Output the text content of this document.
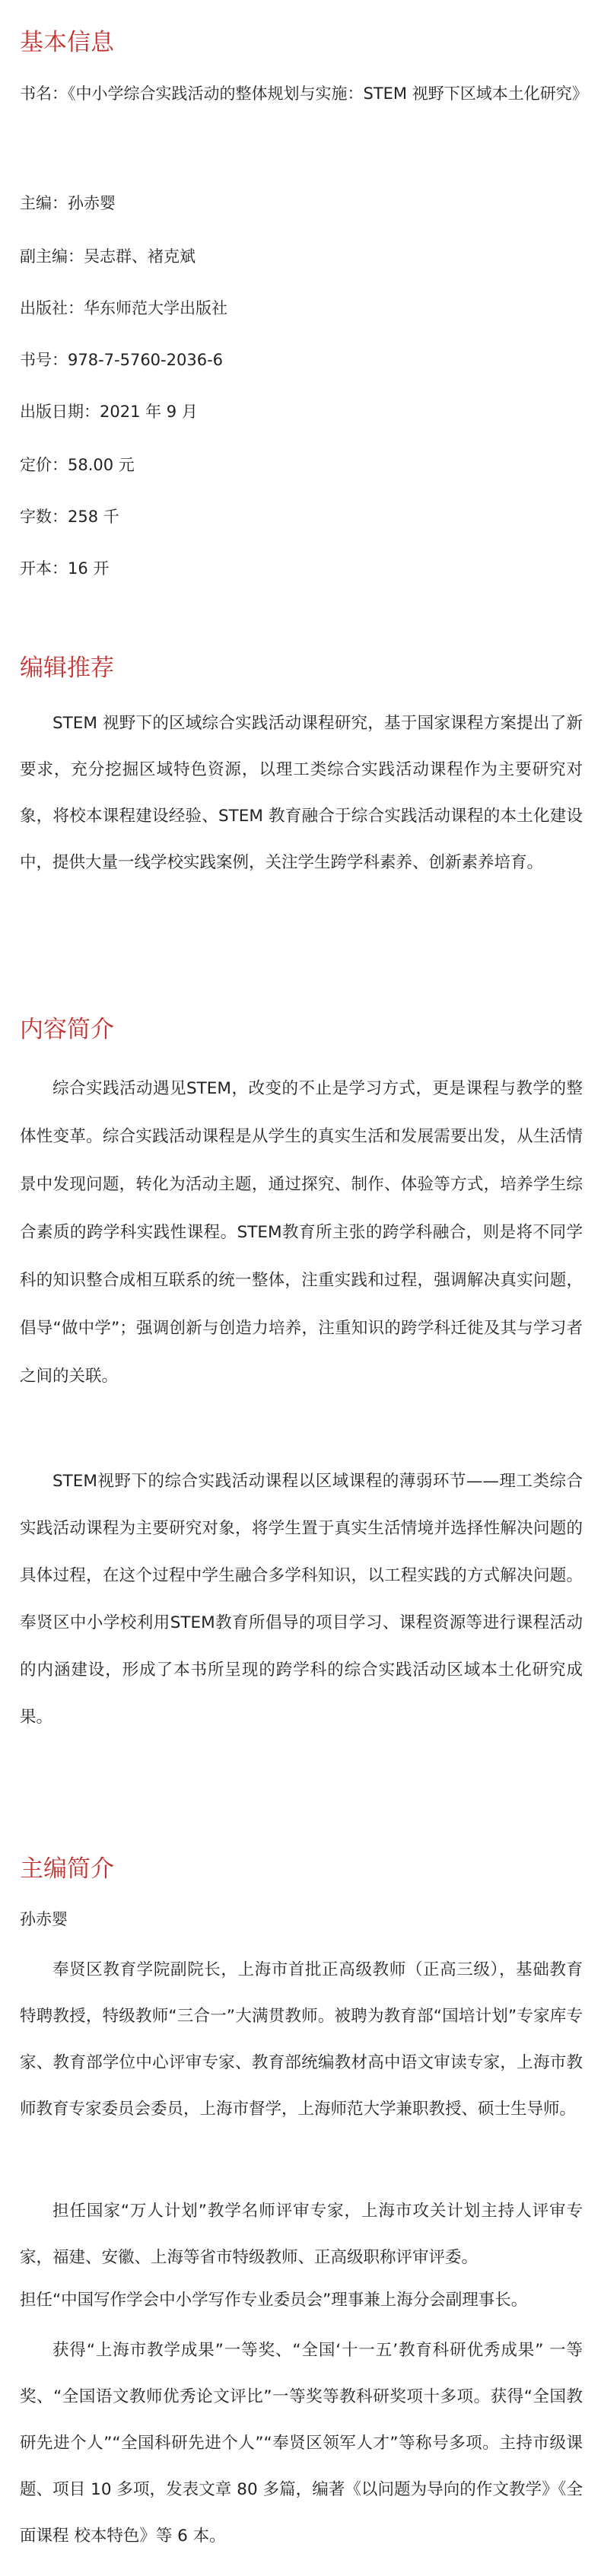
基本信息

书名：《中小学综合实践活动的整体规划与实施：STEM 视野下区域本土化研究》

主编：孙赤婴

副主编：吴志群、褚克斌

出版社：华东师范大学出版社

书号：978-7-5760-2036-6

出版日期：2021 年 9 月

定价：58.00 元

字数：258 千

开本：16 开

编辑推荐

STEM 视野下的区域综合实践活动课程研究，基于国家课程方案提出了新要求，充分挖掘区域特色资源，以理工类综合实践活动课程作为主要研究对象，将校本课程建设经验、STEM 教育融合于综合实践活动课程的本土化建设中，提供大量一线学校实践案例，关注学生跨学科素养、创新素养培育。

内容简介

综合实践活动遇见STEM，改变的不止是学习方式，更是课程与教学的整体性变革。综合实践活动课程是从学生的真实生活和发展需要出发，从生活情景中发现问题，转化为活动主题，通过探究、制作、体验等方式，培养学生综合素质的跨学科实践性课程。STEM教育所主张的跨学科融合，则是将不同学科的知识整合成相互联系的统一整体，注重实践和过程，强调解决真实问题，倡导“做中学”；强调创新与创造力培养，注重知识的跨学科迁徙及其与学习者之间的关联。

STEM视野下的综合实践活动课程以区域课程的薄弱环节——理工类综合实践活动课程为主要研究对象，将学生置于真实生活情境并选择性解决问题的具体过程，在这个过程中学生融合多学科知识，以工程实践的方式解决问题。奉贤区中小学校利用STEM教育所倡导的项目学习、课程资源等进行课程活动的内涵建设，形成了本书所呈现的跨学科的综合实践活动区域本土化研究成果。

主编简介

孙赤婴

奉贤区教育学院副院长，上海市首批正高级教师（正高三级），基础教育特聘教授，特级教师“三合一”大满贯教师。被聘为教育部“国培计划”专家库专家、教育部学位中心评审专家、教育部统编教材高中语文审读专家，上海市教师教育专家委员会委员，上海市督学，上海师范大学兼职教授、硕士生导师。

担任国家“万人计划”教学名师评审专家，上海市攻关计划主持人评审专家，福建、安徽、上海等省市特级教师、正高级职称评审评委。

担任“中国写作学会中小学写作专业委员会”理事兼上海分会副理事长。

获得“上海市教学成果”一等奖、“全国‘十一五’教育科研优秀成果” 一等奖、“全国语文教师优秀论文评比”一等奖等教科研奖项十多项。获得“全国教研先进个人”“全国科研先进个人”“奉贤区领军人才”等称号多项。主持市级课题、项目 10 多项，发表文章 80 多篇，编著《以问题为导向的作文教学》《全面课程 校本特色》等 6 本。
